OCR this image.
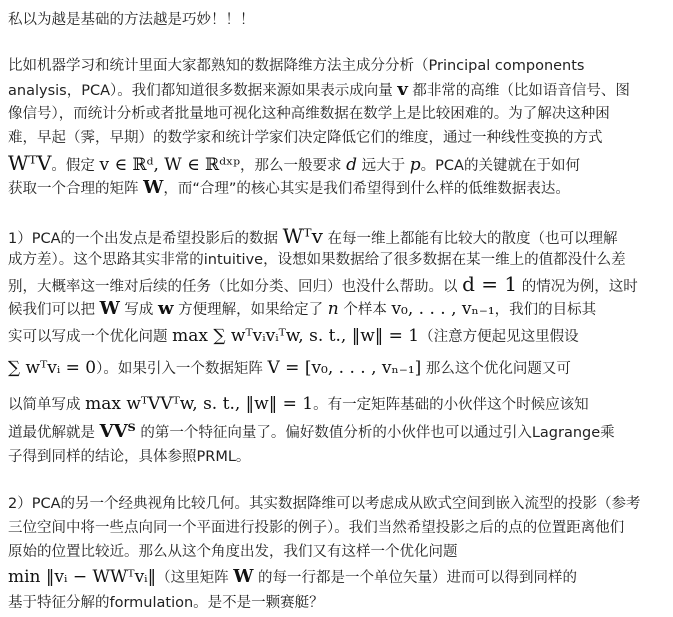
私以为越是基础的方法越是巧妙！！！
比如机器学习和统计里面大家都熟知的数据降维方法主成分分析（Principal components
analysis，PCA）。我们都知道很多数据来源如果表示成向量 v 都非常的高维（比如语音信号、图
像信号），而统计分析或者批量地可视化这种高维数据在数学上是比较困难的。为了解决这种困
难，早起（霁，早期）的数学家和统计学家们决定降低它们的维度，通过一种线性变换的方式
WᵀV。假定 v ∈ ℝᵈ, W ∈ ℝᵈˣᵖ，那么一般要求 d 远大于 p。PCA的关键就在于如何
获取一个合理的矩阵 W，而“合理”的核心其实是我们希望得到什么样的低维数据表达。
1）PCA的一个出发点是希望投影后的数据 Wᵀv 在每一维上都能有比较大的散度（也可以理解
成方差）。这个思路其实非常的intuitive，设想如果数据给了很多数据在某一维上的值都没什么差
别，大概率这一维对后续的任务（比如分类、回归）也没什么帮助。以 d = 1 的情况为例，这时
候我们可以把 W 写成 w 方便理解，如果给定了 n 个样本 v₀, . . . , vₙ₋₁，我们的目标其
实可以写成一个优化问题 max ∑ wᵀvᵢvᵢᵀw, s. t., ‖w‖ = 1（注意方便起见这里假设
∑ wᵀvᵢ = 0）。如果引入一个数据矩阵 V = [v₀, . . . , vₙ₋₁] 那么这个优化问题又可
以简单写成 max wᵀVVᵀw, s. t., ‖w‖ = 1。有一定矩阵基础的小伙伴这个时候应该知
道最优解就是 VVᵀ 的第一个特征向量了。偏好数值分析的小伙伴也可以通过引入Lagrange乘
子得到同样的结论，具体参照PRML。
2）PCA的另一个经典视角比较几何。其实数据降维可以考虑成从欧式空间到嵌入流型的投影（参考
三位空间中将一些点向同一个平面进行投影的例子）。我们当然希望投影之后的点的位置距离他们
原始的位置比较近。那么从这个角度出发，我们又有这样一个优化问题
min ‖vᵢ − WWᵀvᵢ‖（这里矩阵 W 的每一行都是一个单位矢量）进而可以得到同样的
基于特征分解的formulation。是不是一颗赛艇？
